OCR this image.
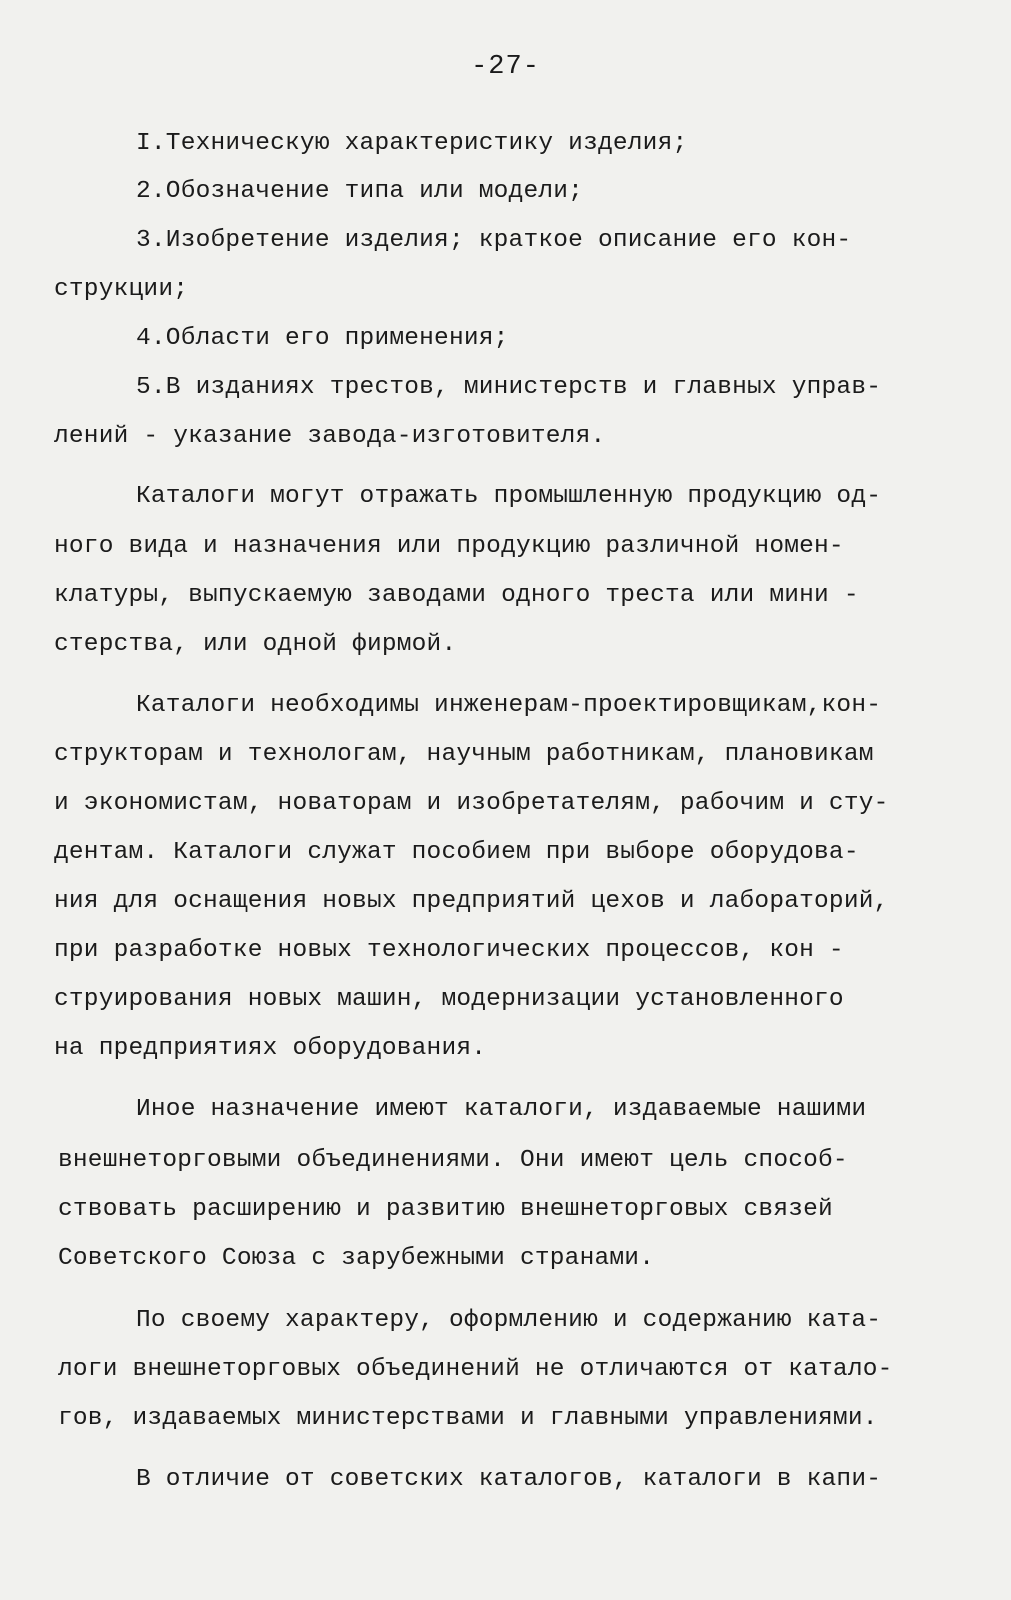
-27-
I.Техническую характеристику изделия;
2.Обозначение типа или модели;
3.Изобретение изделия; краткое описание его кон-
струкции;
4.Области его применения;
5.В изданиях трестов, министерств и главных управ-
лений - указание завода-изготовителя.
Каталоги могут отражать промышленную продукцию од-
ного вида и назначения или продукцию различной номен-
клатуры, выпускаемую заводами одного треста или мини -
стерства, или одной фирмой.
Каталоги необходимы инженерам-проектировщикам,кон-
структорам и технологам, научным работникам, плановикам
и экономистам, новаторам и изобретателям, рабочим и сту-
дентам. Каталоги служат пособием при выборе оборудова-
ния для оснащения новых предприятий цехов и лабораторий,
при разработке новых технологических процессов, кон -
струирования новых машин, модернизации установленного
на предприятиях оборудования.
Иное назначение имеют каталоги, издаваемые нашими
внешнеторговыми объединениями. Они имеют цель способ-
ствовать расширению и развитию внешнеторговых связей
Советского Союза с зарубежными странами.
По своему характеру, оформлению и содержанию ката-
логи внешнеторговых объединений не отличаются от катало-
гов, издаваемых министерствами и главными управлениями.
В отличие от советских каталогов, каталоги в капи-
